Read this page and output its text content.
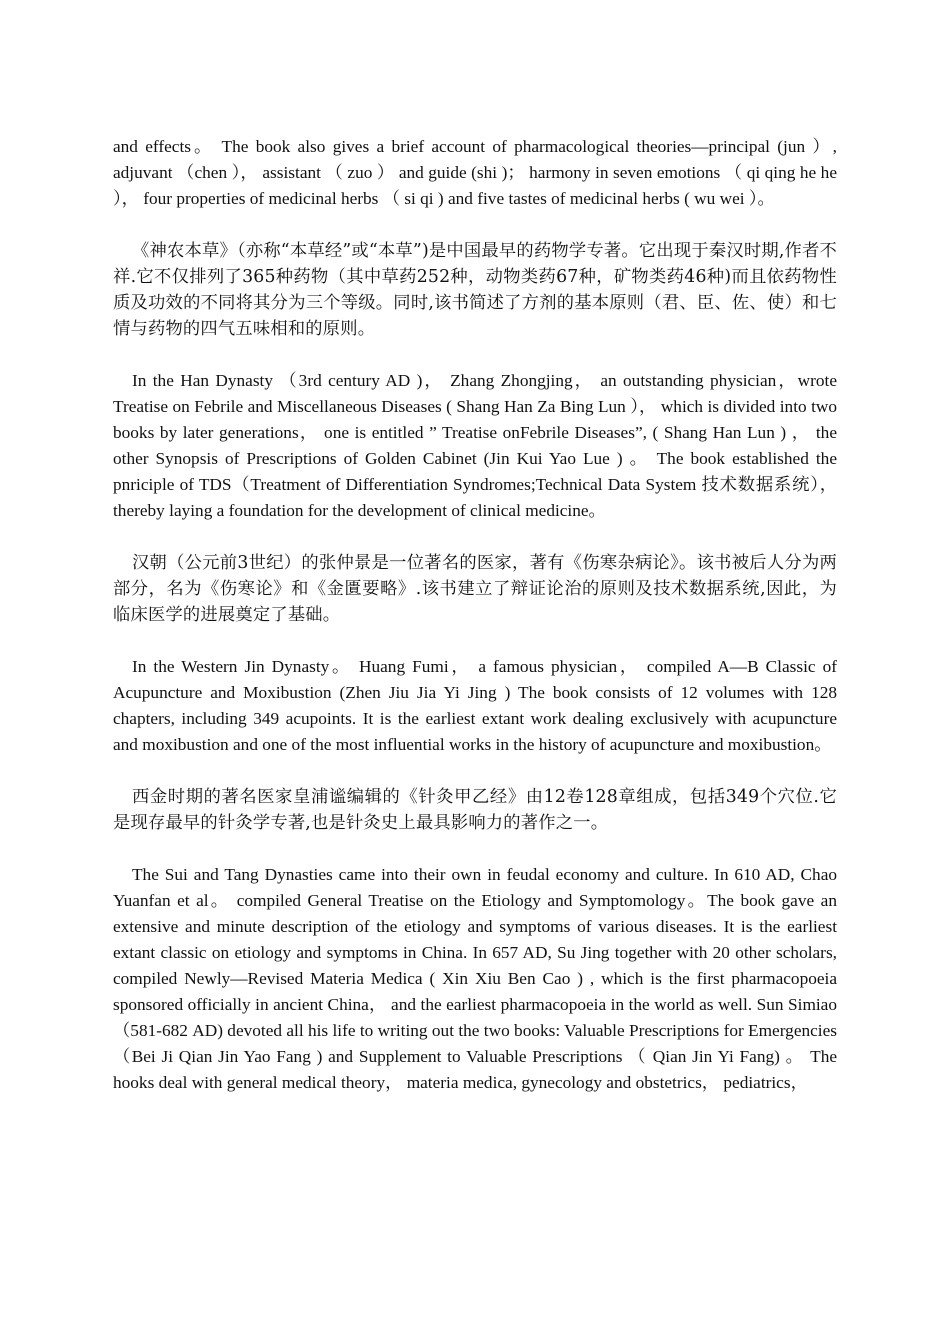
and effects。 The book also gives a brief account of pharmacological theories—principal (jun ）, adjuvant （chen ）， assistant （ zuo ） and guide (shi )； harmony in seven emotions （ qi qing he he ）， four properties of medicinal herbs （ si qi ) and five tastes of medicinal herbs ( wu wei ）。

《神农本草》（亦称“本草经”或“本草”)是中国最早的药物学专著。它出现于秦汉时期,作者不祥.它不仅排列了365种药物（其中草药252种，动物类药67种，矿物类药46种)而且依药物性质及功效的不同将其分为三个等级。同时,该书简述了方剂的基本原则（君、臣、佐、使）和七情与药物的四气五味相和的原则。

In the Han Dynasty （3rd century AD )， Zhang Zhongjing， an outstanding physician，wrote Treatise on Febrile and Miscellaneous Diseases ( Shang Han Za Bing Lun ）， which is divided into two books by later generations， one is entitled ” Treatise onFebrile Diseases”, ( Shang Han Lun ) ， the other Synopsis of Prescriptions of Golden Cabinet (Jin Kui Yao Lue ) 。 The book established the pnriciple of TDS（Treatment of Differentiation Syndromes;Technical Data System 技术数据系统）， thereby laying a foundation for the development of clinical medicine。

汉朝（公元前3世纪）的张仲景是一位著名的医家，著有《伤寒杂病论》。该书被后人分为两部分，名为《伤寒论》和《金匱要略》.该书建立了辩证论治的原则及技术数据系统,因此，为临床医学的进展奠定了基础。

In the Western Jin Dynasty。 Huang Fumi， a famous physician， compiled A—B Classic of Acupuncture and Moxibustion (Zhen Jiu Jia Yi Jing ) The book consists of 12 volumes with 128 chapters, including 349 acupoints. It is the earliest extant work dealing exclusively with acupuncture and moxibustion and one of the most influential works in the history of acupuncture and moxibustion。

西金时期的著名医家皇浦谧编辑的《针灸甲乙经》由12卷128章组成，包括349个穴位.它是现存最早的针灸学专著,也是针灸史上最具影响力的著作之一。

The Sui and Tang Dynasties came into their own in feudal economy and culture. In 610 AD, Chao Yuanfan et al。 compiled General Treatise on the Etiology and Symptomology。The book gave an extensive and minute description of the etiology and symptoms of various diseases. It is the earliest extant classic on etiology and symptoms in China. In 657 AD, Su Jing together with 20 other scholars, compiled Newly—Revised Materia Medica ( Xin Xiu Ben Cao ) , which is the first pharmacopoeia sponsored officially in ancient China， and the earliest pharmacopoeia in the world as well. Sun Simiao （581-682 AD) devoted all his life to writing out the two books: Valuable Prescriptions for Emergencies （Bei Ji Qian Jin Yao Fang ) and Supplement to Valuable Prescriptions （ Qian Jin Yi Fang) 。 The hooks deal with general medical theory， materia medica, gynecology and obstetrics， pediatrics，
